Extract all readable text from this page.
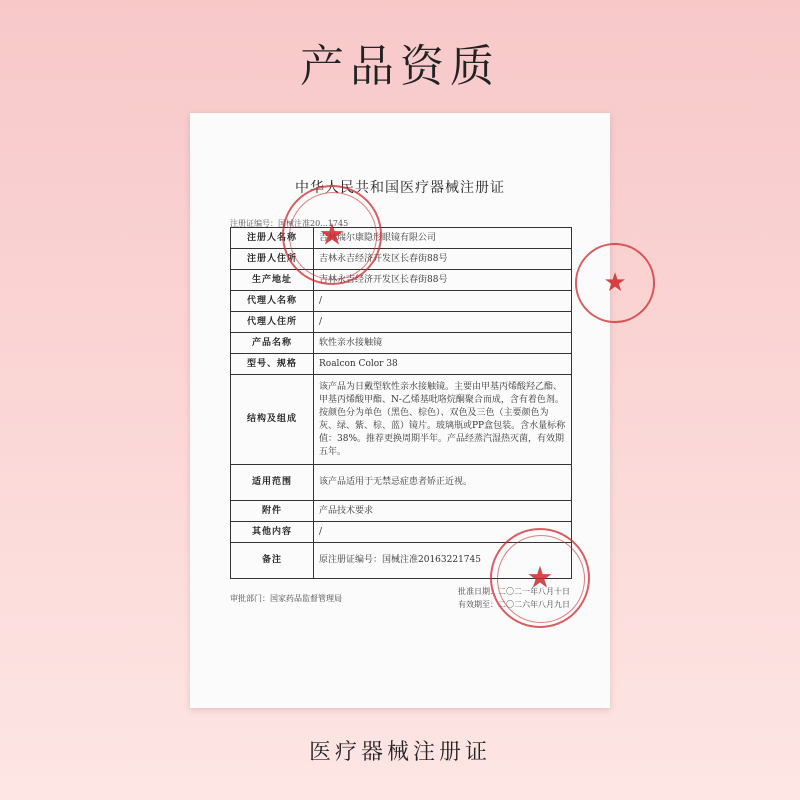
产品资质
中华人民共和国医疗器械注册证
注册证编号：国械注准20...1745
注册人名称	吉林瑞尔康隐形眼镜有限公司
注册人住所	吉林永吉经济开发区长春街88号
生产地址	吉林永吉经济开发区长春街88号
代理人名称	/
代理人住所	/
产品名称	软性亲水接触镜
型号、规格	Roalcon Color 38
结构及组成	该产品为日戴型软性亲水接触镜。主要由甲基丙烯酸羟乙酯、甲基丙烯酸甲酯、N-乙烯基吡咯烷酮聚合而成，含有着色剂。按颜色分为单色（黑色、棕色）、双色及三色（主要颜色为灰、绿、紫、棕、蓝）镜片。玻璃瓶或PP盒包装。含水量标称值：38%。推荐更换周期半年。产品经蒸汽湿热灭菌，有效期五年。
适用范围	该产品适用于无禁忌症患者矫正近视。
附件	产品技术要求
其他内容	/
备注	原注册证编号：国械注准20163221745
审批部门：国家药品监督管理局
批准日期：二〇二一年八月十日
有效期至：二〇二六年八月九日
★
★
★
医疗器械注册证
